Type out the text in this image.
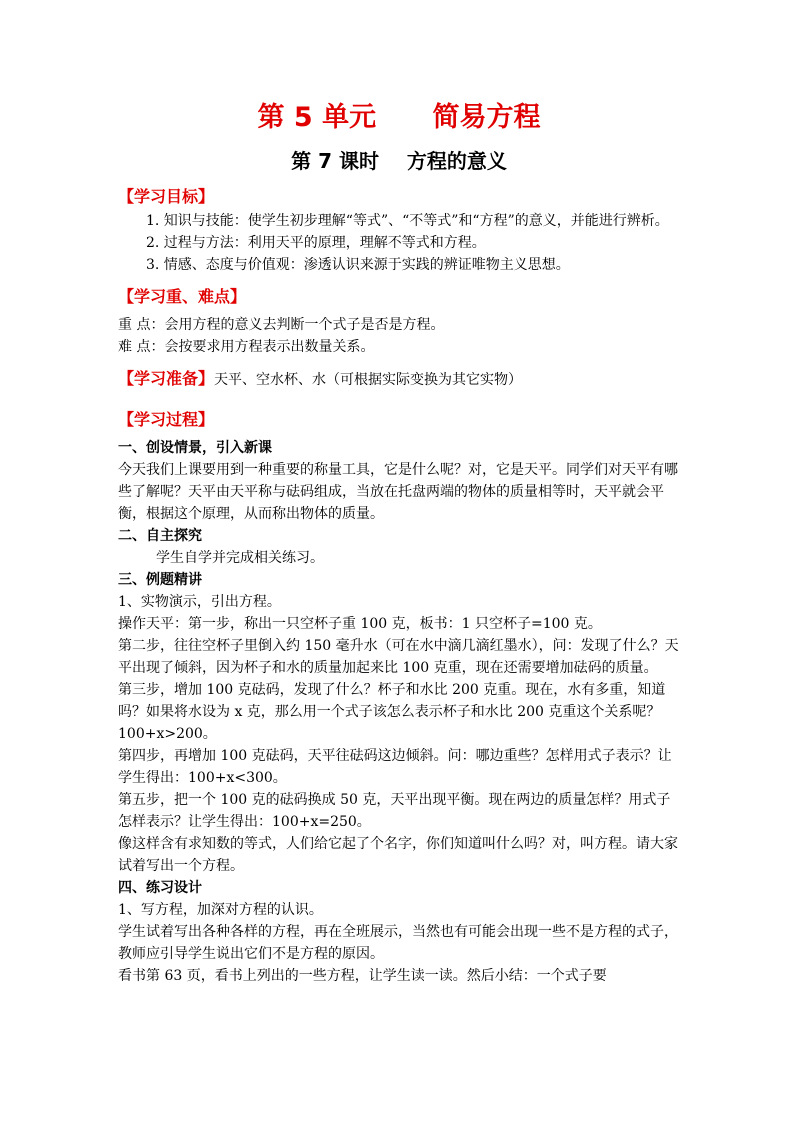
第 5 单元      简易方程
第 7 课时    方程的意义
【学习目标】

1. 知识与技能：使学生初步理解“等式”、“不等式”和“方程”的意义，并能进行辨析。

2. 过程与方法：利用天平的原理，理解不等式和方程。

3. 情感、态度与价值观：渗透认识来源于实践的辨证唯物主义思想。

【学习重、难点】

重 点：会用方程的意义去判断一个式子是否是方程。

难 点：会按要求用方程表示出数量关系。

【学习准备】天平、空水杯、水（可根据实际变换为其它实物）
【学习过程】

一、创设情景，引入新课

今天我们上课要用到一种重要的称量工具，它是什么呢？对，它是天平。同学们对天平有哪些了解呢？天平由天平称与砝码组成，当放在托盘两端的物体的质量相等时，天平就会平衡，根据这个原理，从而称出物体的质量。

二、自主探究

学生自学并完成相关练习。

三、例题精讲

1、实物演示，引出方程。

操作天平：第一步，称出一只空杯子重 100 克，板书：1 只空杯子=100 克。

第二步，往往空杯子里倒入约 150 毫升水（可在水中滴几滴红墨水），问：发现了什么？天平出现了倾斜，因为杯子和水的质量加起来比 100 克重，现在还需要增加砝码的质量。

第三步，增加 100 克砝码，发现了什么？杯子和水比 200 克重。现在，水有多重，知道吗？如果将水设为 x 克，那么用一个式子该怎么表示杯子和水比 200 克重这个关系呢？100+x>200。

第四步，再增加 100 克砝码，天平往砝码这边倾斜。问：哪边重些？怎样用式子表示？让学生得出：100+x<300。

第五步，把一个 100 克的砝码换成 50 克，天平出现平衡。现在两边的质量怎样？用式子怎样表示？让学生得出：100+x=250。

像这样含有求知数的等式，人们给它起了个名字，你们知道叫什么吗？对，叫方程。请大家试着写出一个方程。

四、练习设计

1、写方程，加深对方程的认识。

学生试着写出各种各样的方程，再在全班展示，当然也有可能会出现一些不是方程的式子，教师应引导学生说出它们不是方程的原因。

看书第 63 页，看书上列出的一些方程，让学生读一读。然后小结：一个式子要
